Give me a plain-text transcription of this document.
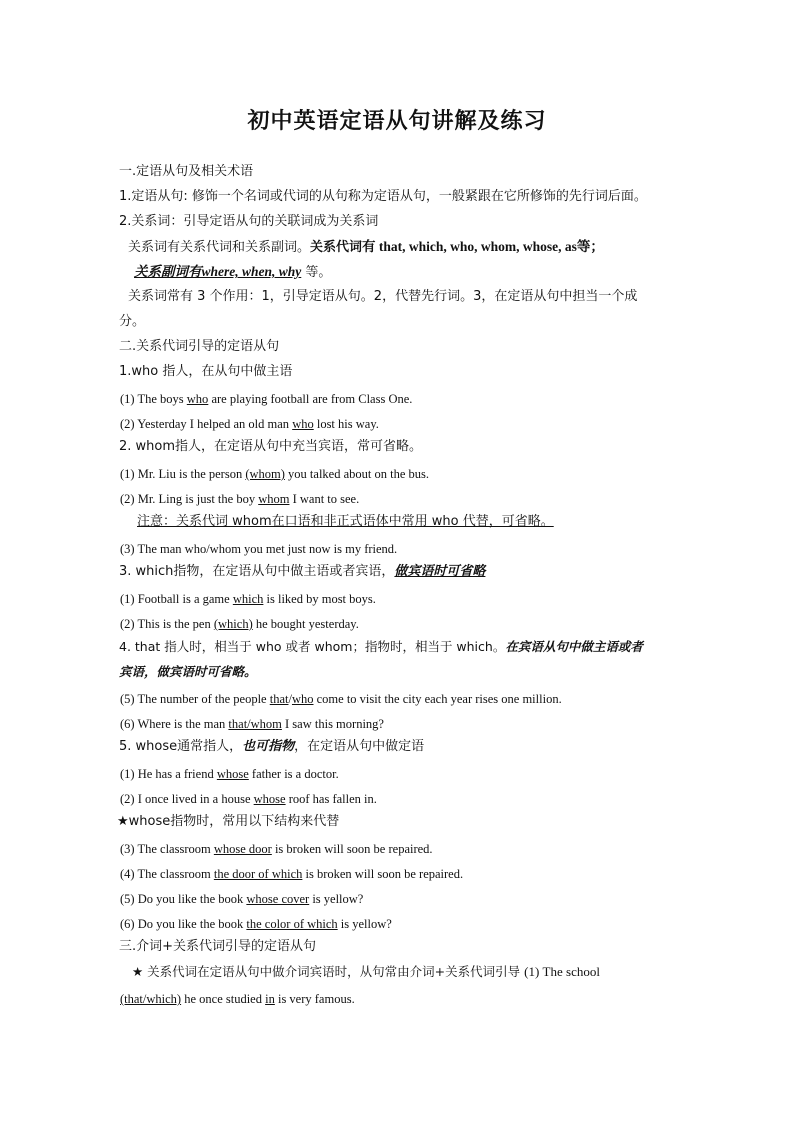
初中英语定语从句讲解及练习
一.定语从句及相关术语
1.定语从句: 修饰一个名词或代词的从句称为定语从句，一般紧跟在它所修饰的先行词后面。
2.关系词：引导定语从句的关联词成为关系词
关系词有关系代词和关系副词。关系代词有 that, which, who, whom, whose, as等；
关系副词有where, when, why 等。
关系词常有 3 个作用：1，引导定语从句。2，代替先行词。3，在定语从句中担当一个成
分。
二.关系代词引导的定语从句
1.who 指人，在从句中做主语
(1) The boys who are playing football are from Class One.
(2) Yesterday I helped an old man who lost his way.
2. whom指人，在定语从句中充当宾语，常可省略。
(1) Mr. Liu is the person (whom) you talked about on the bus.
(2) Mr. Ling is just the boy whom I want to see.
注意：关系代词 whom在口语和非正式语体中常用 who 代替，可省略。
(3) The man who/whom you met just now is my friend.
3. which指物，在定语从句中做主语或者宾语，做宾语时可省略
(1) Football is a game which is liked by most boys.
(2) This is the pen (which) he bought yesterday.
4. that 指人时，相当于 who 或者 whom；指物时，相当于 which。在宾语从句中做主语或者
宾语，做宾语时可省略。
(5) The number of the people that/who come to visit the city each year rises one million.
(6) Where is the man that/whom I saw this morning?
5. whose通常指人，也可指物，在定语从句中做定语
(1) He has a friend whose father is a doctor.
(2) I once lived in a house whose roof has fallen in.
★whose指物时，常用以下结构来代替
(3) The classroom whose door is broken will soon be repaired.
(4) The classroom the door of which is broken will soon be repaired.
(5) Do you like the book whose cover is yellow?
(6) Do you like the book the color of which is yellow?
三.介词+关系代词引导的定语从句
★ 关系代词在定语从句中做介词宾语时，从句常由介词+关系代词引导 (1) The school
(that/which) he once studied in is very famous.
